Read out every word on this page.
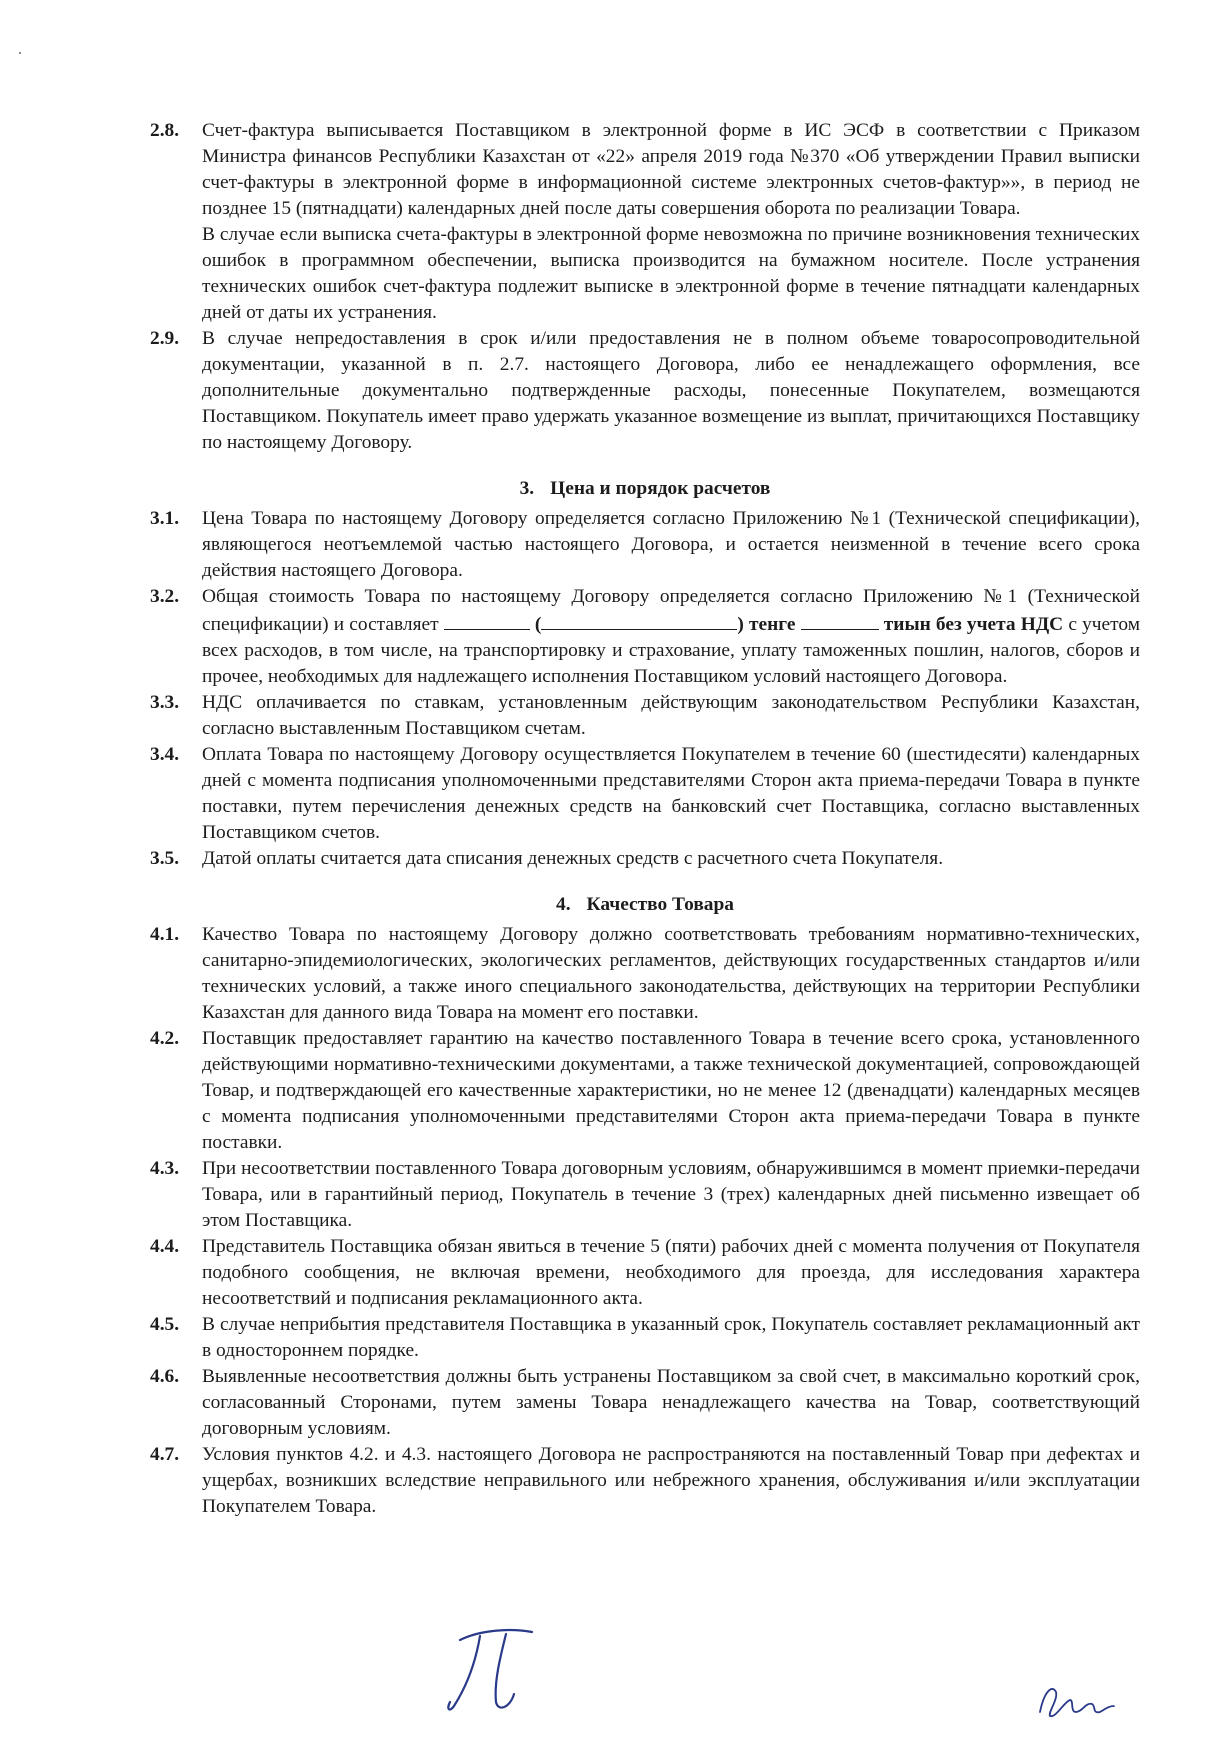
2.8.	Счет-фактура выписывается Поставщиком в электронной форме в ИС ЭСФ в соответствии с Приказом Министра финансов Республики Казахстан от «22» апреля 2019 года №370 «Об утверждении Правил выписки счет-фактуры в электронной форме в информационной системе электронных счетов-фактур»», в период не позднее 15 (пятнадцати) календарных дней после даты совершения оборота по реализации Товара.
В случае если выписка счета-фактуры в электронной форме невозможна по причине возникновения технических ошибок в программном обеспечении, выписка производится на бумажном носителе. После устранения технических ошибок счет-фактура подлежит выписке в электронной форме в течение пятнадцати календарных дней от даты их устранения.
2.9.	В случае непредоставления в срок и/или предоставления не в полном объеме товаросопроводительной документации, указанной в п. 2.7. настоящего Договора, либо ее ненадлежащего оформления, все дополнительные документально подтвержденные расходы, понесенные Покупателем, возмещаются Поставщиком. Покупатель имеет право удержать указанное возмещение из выплат, причитающихся Поставщику по настоящему Договору.
3. Цена и порядок расчетов
3.1.	Цена Товара по настоящему Договору определяется согласно Приложению №1 (Технической спецификации), являющегося неотъемлемой частью настоящего Договора, и остается неизменной в течение всего срока действия настоящего Договора.
3.2.	Общая стоимость Товара по настоящему Договору определяется согласно Приложению №1 (Технической спецификации) и составляет	(	) тенге	тиын без учета НДС с учетом всех расходов, в том числе, на транспортировку и страхование, уплату таможенных пошлин, налогов, сборов и прочее, необходимых для надлежащего исполнения Поставщиком условий настоящего Договора.
3.3.	НДС оплачивается по ставкам, установленным действующим законодательством Республики Казахстан, согласно выставленным Поставщиком счетам.
3.4.	Оплата Товара по настоящему Договору осуществляется Покупателем в течение 60 (шестидесяти) календарных дней с момента подписания уполномоченными представителями Сторон акта приема-передачи Товара в пункте поставки, путем перечисления денежных средств на банковский счет Поставщика, согласно выставленных Поставщиком счетов.
3.5.	Датой оплаты считается дата списания денежных средств с расчетного счета Покупателя.
4. Качество Товара
4.1.	Качество Товара по настоящему Договору должно соответствовать требованиям нормативно-технических, санитарно-эпидемиологических, экологических регламентов, действующих государственных стандартов и/или технических условий, а также иного специального законодательства, действующих на территории Республики Казахстан для данного вида Товара на момент его поставки.
4.2.	Поставщик предоставляет гарантию на качество поставленного Товара в течение всего срока, установленного действующими нормативно-техническими документами, а также технической документацией, сопровождающей Товар, и подтверждающей его качественные характеристики, но не менее 12 (двенадцати) календарных месяцев с момента подписания уполномоченными представителями Сторон акта приема-передачи Товара в пункте поставки.
4.3.	При несоответствии поставленного Товара договорным условиям, обнаружившимся в момент приемки-передачи Товара, или в гарантийный период, Покупатель в течение 3 (трех) календарных дней письменно извещает об этом Поставщика.
4.4.	Представитель Поставщика обязан явиться в течение 5 (пяти) рабочих дней с момента получения от Покупателя подобного сообщения, не включая времени, необходимого для проезда, для исследования характера несоответствий и подписания рекламационного акта.
4.5.	В случае неприбытия представителя Поставщика в указанный срок, Покупатель составляет рекламационный акт в одностороннем порядке.
4.6.	Выявленные несоответствия должны быть устранены Поставщиком за свой счет, в максимально короткий срок, согласованный Сторонами, путем замены Товара ненадлежащего качества на Товар, соответствующий договорным условиям.
4.7.	Условия пунктов 4.2. и 4.3. настоящего Договора не распространяются на поставленный Товар при дефектах и ущербах, возникших вследствие неправильного или небрежного хранения, обслуживания и/или эксплуатации Покупателем Товара.
